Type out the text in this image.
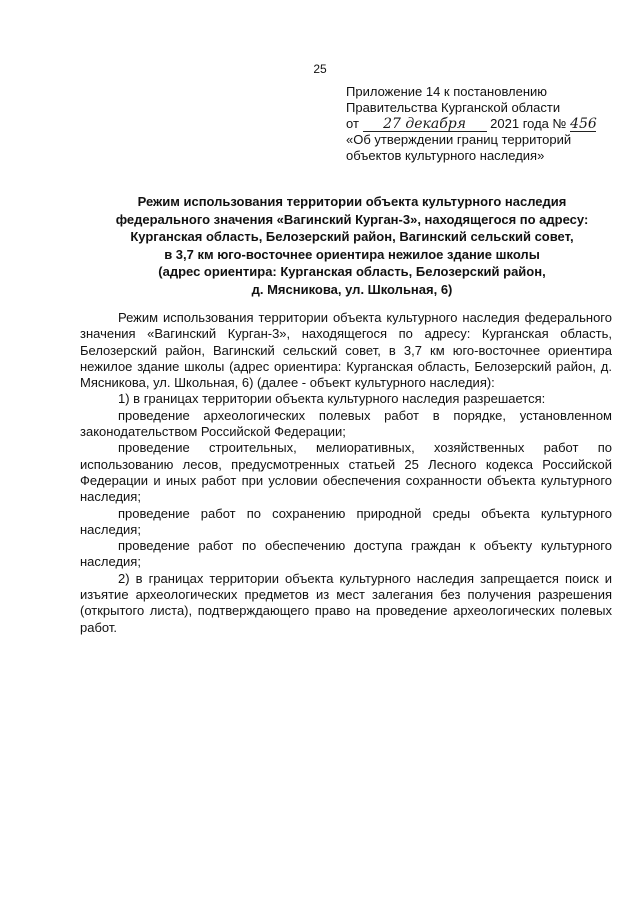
25
Приложение 14 к постановлению
Правительства Курганской области
от 27 декабря 2021 года № 456
«Об утверждении границ территорий
объектов культурного наследия»
Режим использования территории объекта культурного наследия
федерального значения «Вагинский Курган-3», находящегося по адресу:
Курганская область, Белозерский район, Вагинский сельский совет,
в 3,7 км юго-восточнее ориентира нежилое здание школы
(адрес ориентира: Курганская область, Белозерский район,
д. Мясникова, ул. Школьная, 6)

Режим использования территории объекта культурного наследия федерального значения «Вагинский Курган-3», находящегося по адресу: Курганская область, Белозерский район, Вагинский сельский совет, в 3,7 км юго-восточнее ориентира нежилое здание школы (адрес ориентира: Курганская область, Белозерский район, д. Мясникова, ул. Школьная, 6) (далее - объект культурного наследия):

1) в границах территории объекта культурного наследия разрешается:

проведение археологических полевых работ в порядке, установленном законодательством Российской Федерации;

проведение строительных, мелиоративных, хозяйственных работ по использованию лесов, предусмотренных статьей 25 Лесного кодекса Российской Федерации и иных работ при условии обеспечения сохранности объекта культурного наследия;

проведение работ по сохранению природной среды объекта культурного наследия;

проведение работ по обеспечению доступа граждан к объекту культурного наследия;

2) в границах территории объекта культурного наследия запрещается поиск и изъятие археологических предметов из мест залегания без получения разрешения (открытого листа), подтверждающего право на проведение археологических полевых работ.
